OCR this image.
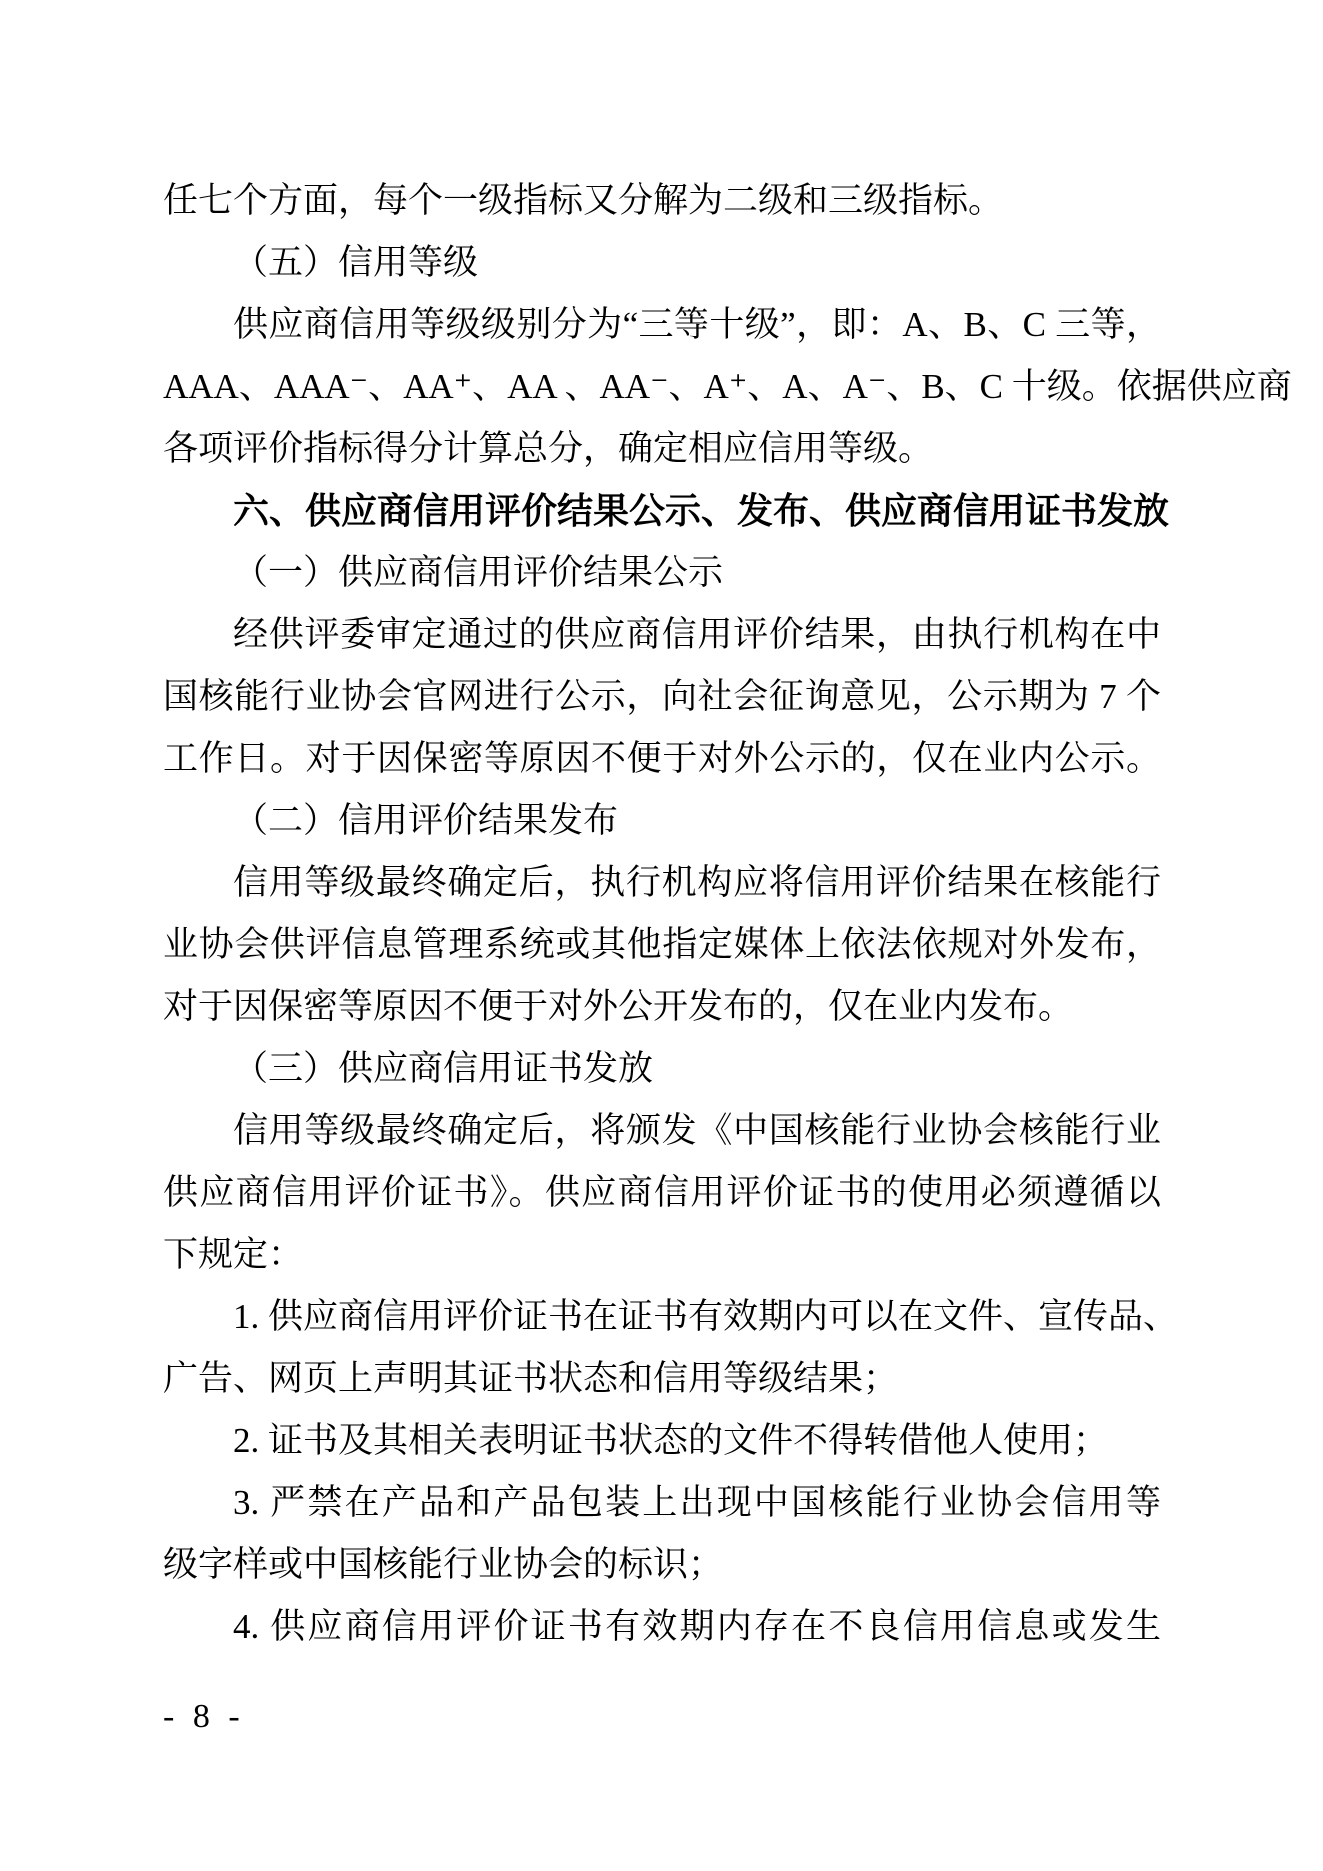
任七个方面，每个一级指标又分解为二级和三级指标。
（五）信用等级
供应商信用等级级别分为“三等十级”，即：A、B、C 三等，
AAA、AAA⁻、AA⁺、AA 、AA⁻、A⁺、A、A⁻、B、C 十级。依据供应商
各项评价指标得分计算总分，确定相应信用等级。
六、供应商信用评价结果公示、发布、供应商信用证书发放
（一）供应商信用评价结果公示
经供评委审定通过的供应商信用评价结果，由执行机构在中
国核能行业协会官网进行公示，向社会征询意见，公示期为 7 个
工作日。对于因保密等原因不便于对外公示的，仅在业内公示。
（二）信用评价结果发布
信用等级最终确定后，执行机构应将信用评价结果在核能行
业协会供评信息管理系统或其他指定媒体上依法依规对外发布，
对于因保密等原因不便于对外公开发布的，仅在业内发布。
（三）供应商信用证书发放
信用等级最终确定后，将颁发《中国核能行业协会核能行业
供应商信用评价证书》。供应商信用评价证书的使用必须遵循以
下规定：
1. 供应商信用评价证书在证书有效期内可以在文件、宣传品、
广告、网页上声明其证书状态和信用等级结果；
2. 证书及其相关表明证书状态的文件不得转借他人使用；
3. 严禁在产品和产品包装上出现中国核能行业协会信用等
级字样或中国核能行业协会的标识；
4. 供应商信用评价证书有效期内存在不良信用信息或发生
- 8 -
